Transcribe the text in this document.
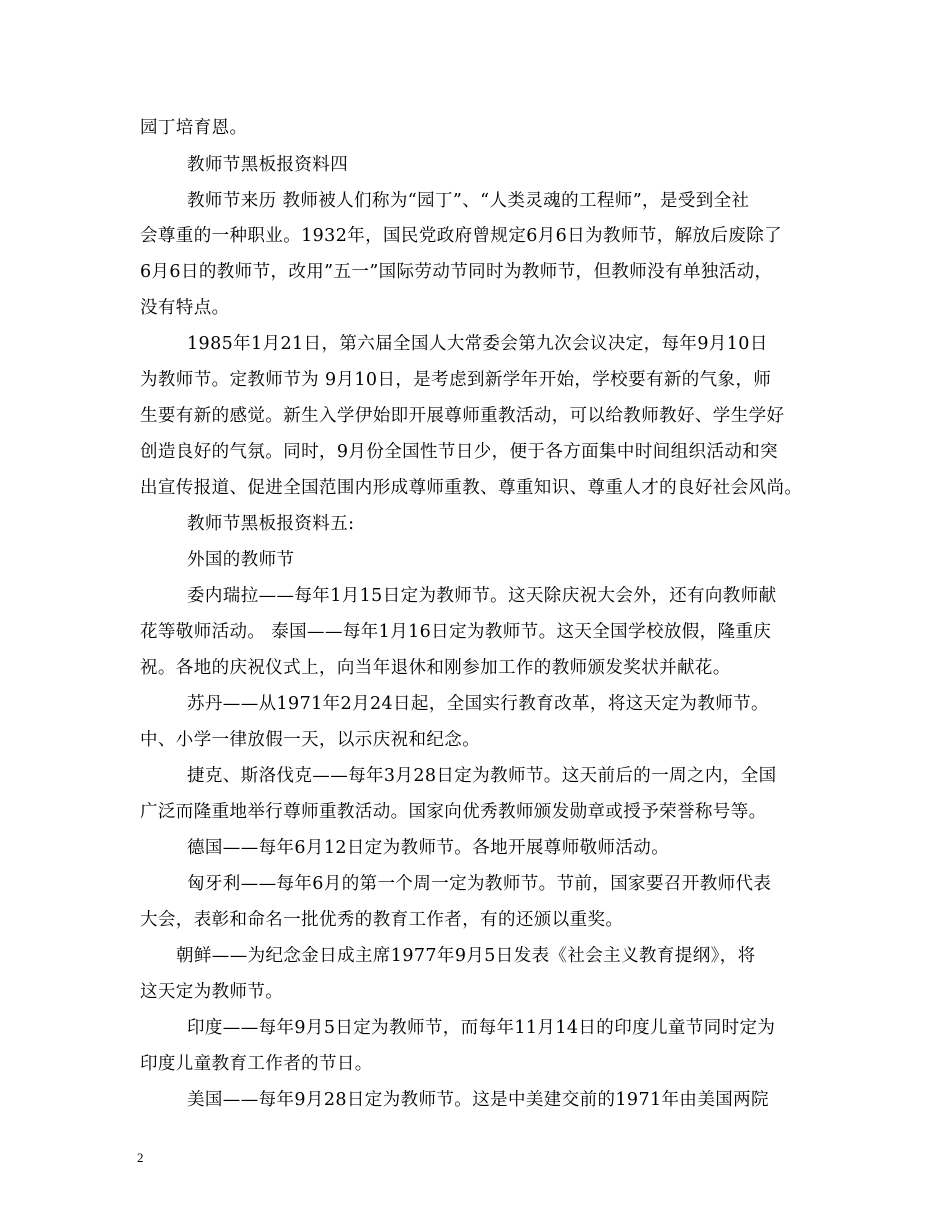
园丁培育恩。
教师节黑板报资料四
教师节来历 教师被人们称为“园丁”、“人类灵魂的工程师”，是受到全社
会尊重的一种职业。1932年，国民党政府曾规定6月6日为教师节，解放后废除了
6月6日的教师节，改用”五一”国际劳动节同时为教师节，但教师没有单独活动，
没有特点。
1985年1月21日，第六届全国人大常委会第九次会议决定，每年9月10日
为教师节。定教师节为 9月10日，是考虑到新学年开始，学校要有新的气象，师
生要有新的感觉。新生入学伊始即开展尊师重教活动，可以给教师教好、学生学好
创造良好的气氛。同时，9月份全国性节日少，便于各方面集中时间组织活动和突
出宣传报道、促进全国范围内形成尊师重教、尊重知识、尊重人才的良好社会风尚。
教师节黑板报资料五:
外国的教师节
委内瑞拉——每年1月15日定为教师节。这天除庆祝大会外，还有向教师献
花等敬师活动。 泰国——每年1月16日定为教师节。这天全国学校放假，隆重庆
祝。各地的庆祝仪式上，向当年退休和刚参加工作的教师颁发奖状并献花。
苏丹——从1971年2月24日起，全国实行教育改革，将这天定为教师节。
中、小学一律放假一天，以示庆祝和纪念。
捷克、斯洛伐克——每年3月28日定为教师节。这天前后的一周之内，全国
广泛而隆重地举行尊师重教活动。国家向优秀教师颁发勋章或授予荣誉称号等。
德国——每年6月12日定为教师节。各地开展尊师敬师活动。
匈牙利——每年6月的第一个周一定为教师节。节前，国家要召开教师代表
大会，表彰和命名一批优秀的教育工作者，有的还颁以重奖。
朝鲜——为纪念金日成主席1977年9月5日发表《社会主义教育提纲》，将
这天定为教师节。
印度——每年9月5日定为教师节，而每年11月14日的印度儿童节同时定为
印度儿童教育工作者的节日。
美国——每年9月28日定为教师节。这是中美建交前的1971年由美国两院
2
